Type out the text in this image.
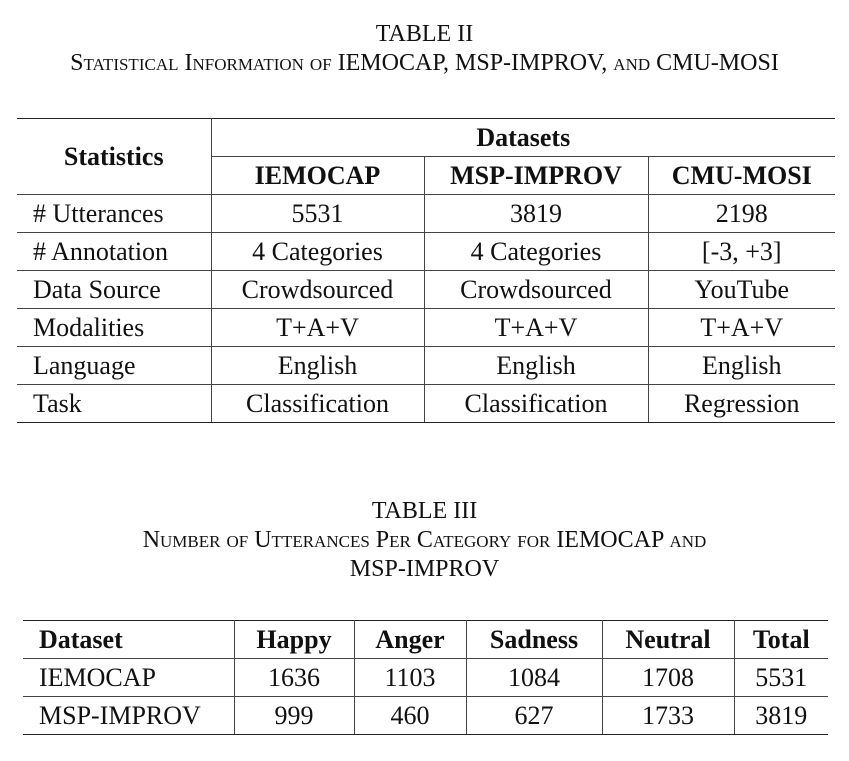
TABLE II
Statistical Information of IEMOCAP, MSP-IMPROV, and CMU-MOSI
Statistics	Datasets		
	IEMOCAP	MSP-IMPROV	CMU-MOSI
# Utterances	5531	3819	2198
# Annotation	4 Categories	4 Categories	[-3, +3]
Data Source	Crowdsourced	Crowdsourced	YouTube
Modalities	T+A+V	T+A+V	T+A+V
Language	English	English	English
Task	Classification	Classification	Regression
TABLE III
Number of Utterances Per Category for IEMOCAP and
MSP-IMPROV
Dataset	Happy	Anger	Sadness	Neutral	Total
IEMOCAP	1636	1103	1084	1708	5531
MSP-IMPROV	999	460	627	1733	3819
